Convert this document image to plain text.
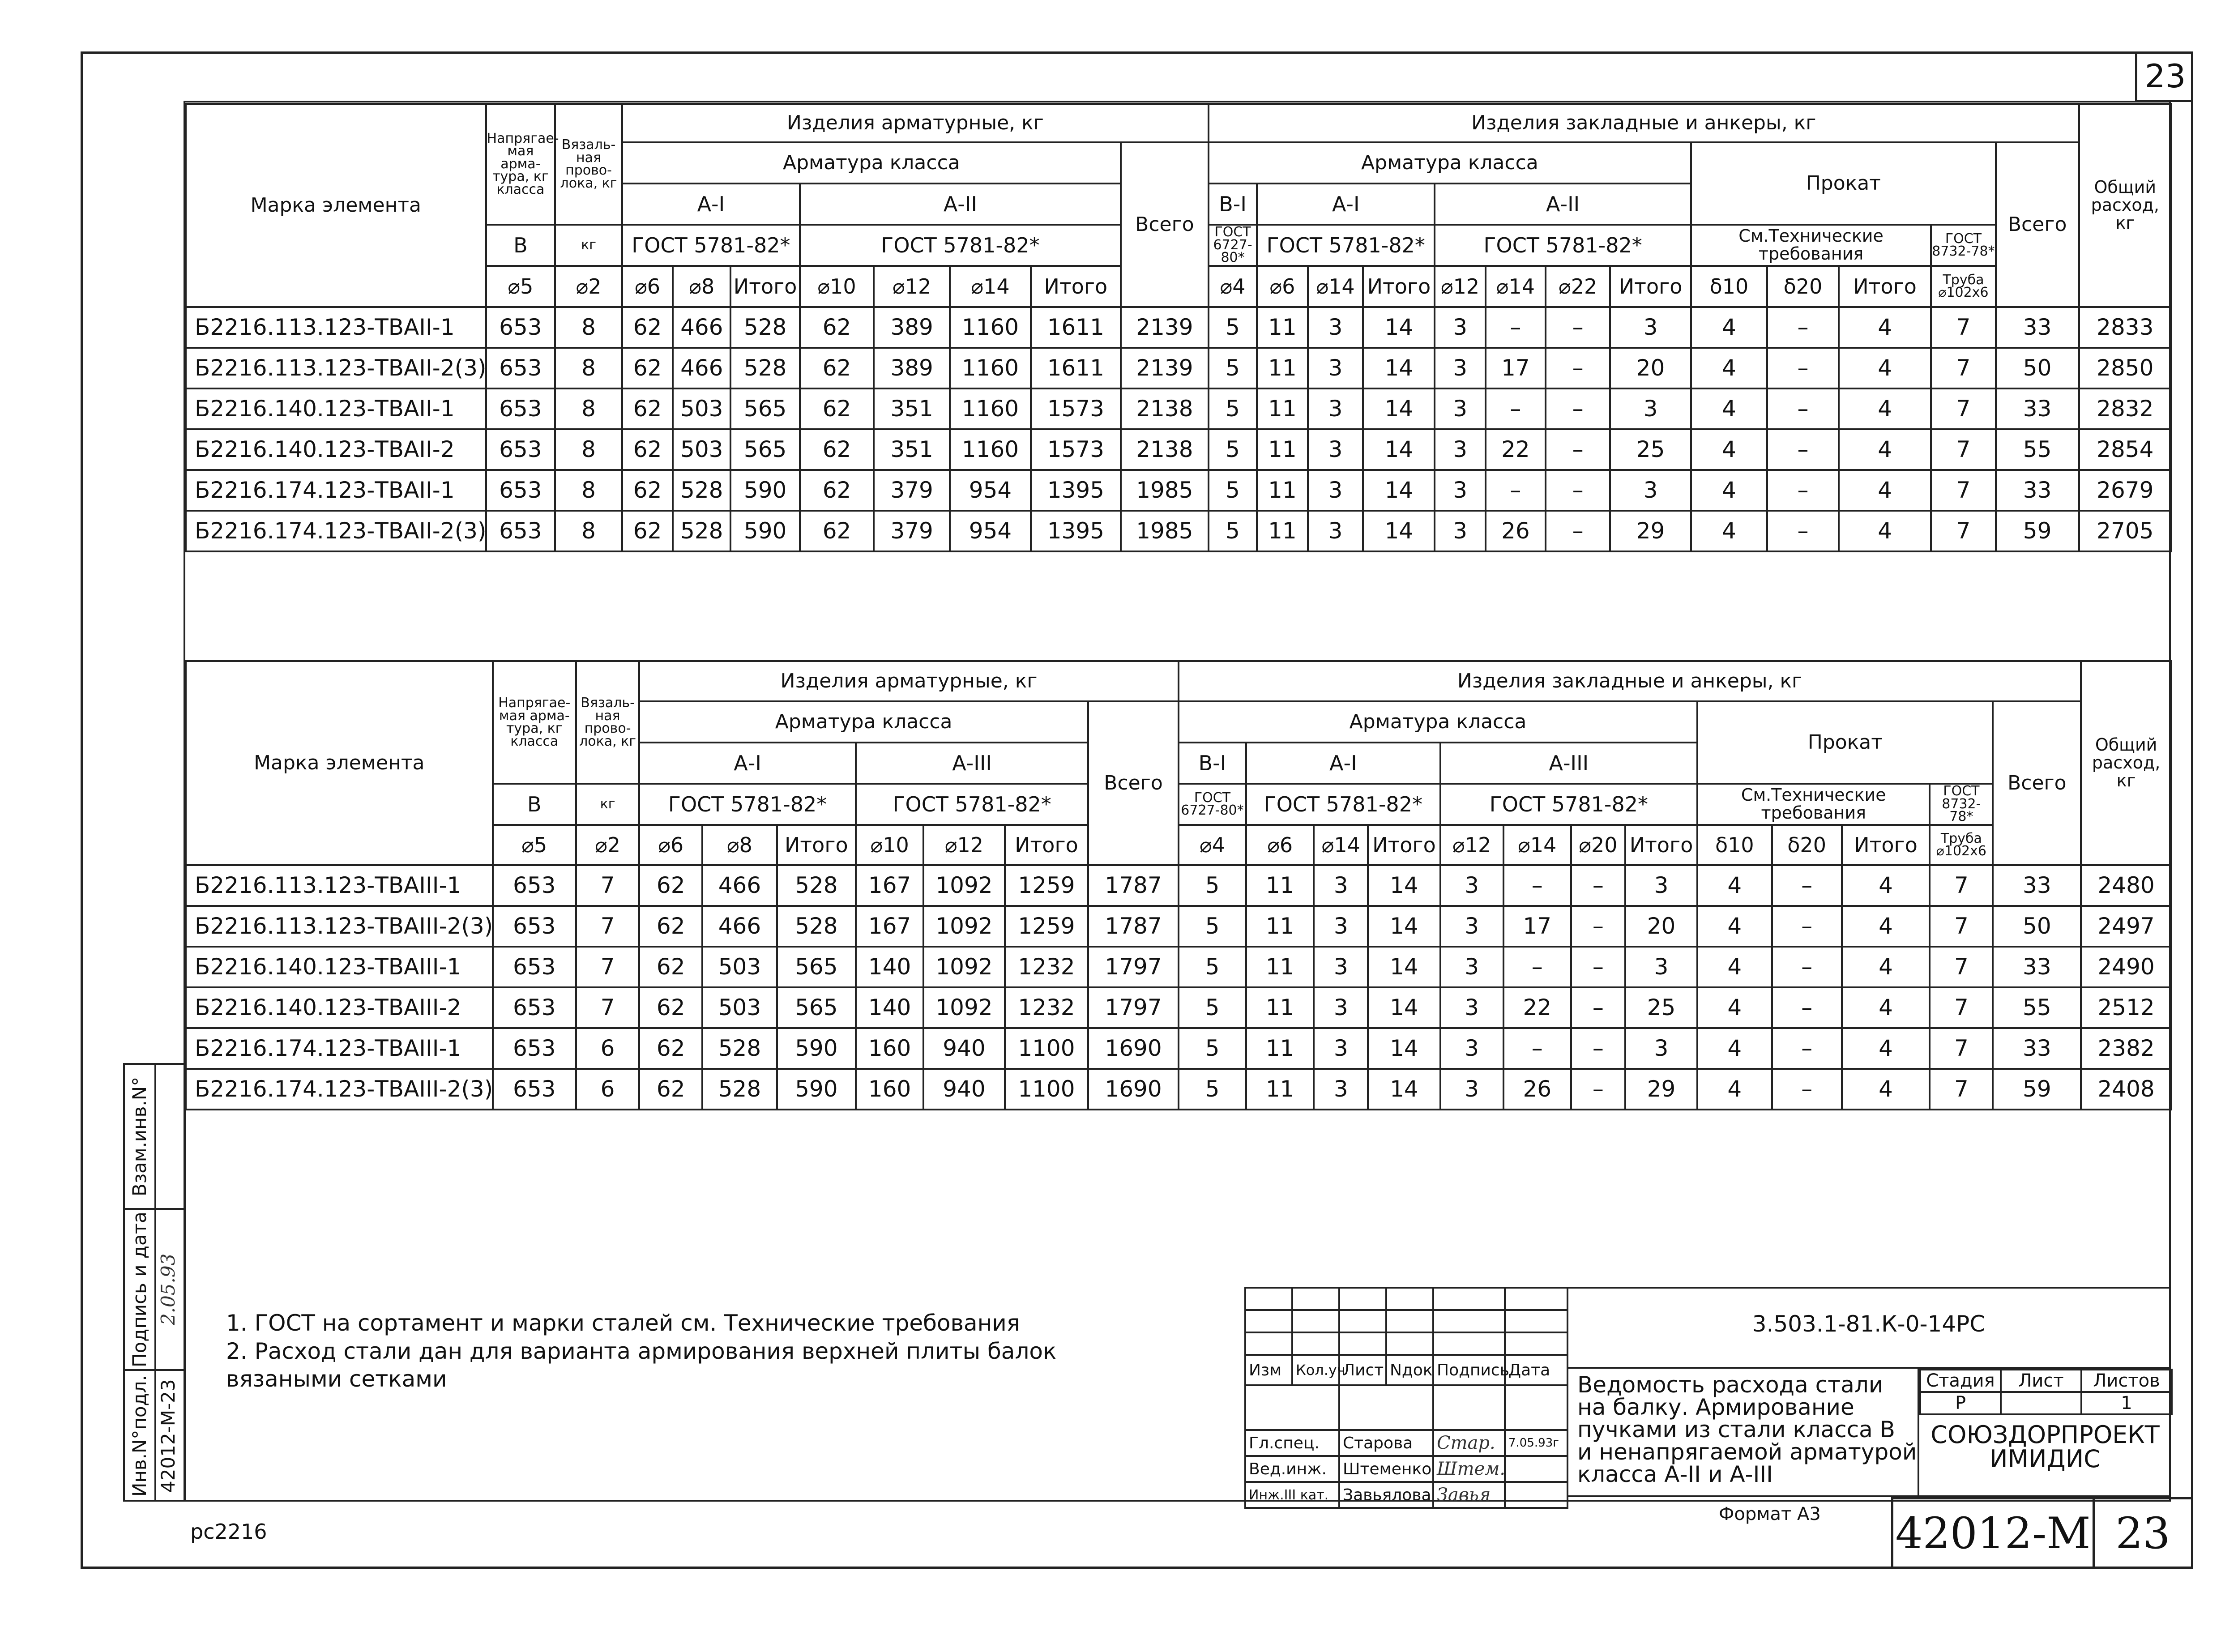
23
Марка элемента	Напрягае-мая арма-тура, кг класса	Вязаль-ная прово-лока, кг	Изделия арматурные, кг								Изделия закладные и анкеры, кг													Общий расход, кг
			Арматура класса							Всего	Арматура класса								Прокат				Всего	
			А-I			А-II					В-I	А-I			А-II									
	В	кг	ГОСТ 5781-82*			ГОСТ 5781-82*					ГОСТ 6727-80*	ГОСТ 5781-82*			ГОСТ 5781-82*				См.Технические требования			ГОСТ 8732-78*		
	⌀5	⌀2	⌀6	⌀8	Итого	⌀10	⌀12	⌀14	Итого		⌀4	⌀6	⌀14	Итого	⌀12	⌀14	⌀22	Итого	δ10	δ20	Итого	Труба ⌀102х6		
Б2216.113.123-ТВАII-1	653	8	62	466	528	62	389	1160	1611	2139	5	11	3	14	3	–	–	3	4	–	4	7	33	2833
Б2216.113.123-ТВАII-2(3)	653	8	62	466	528	62	389	1160	1611	2139	5	11	3	14	3	17	–	20	4	–	4	7	50	2850
Б2216.140.123-ТВАII-1	653	8	62	503	565	62	351	1160	1573	2138	5	11	3	14	3	–	–	3	4	–	4	7	33	2832
Б2216.140.123-ТВАII-2	653	8	62	503	565	62	351	1160	1573	2138	5	11	3	14	3	22	–	25	4	–	4	7	55	2854
Б2216.174.123-ТВАII-1	653	8	62	528	590	62	379	954	1395	1985	5	11	3	14	3	–	–	3	4	–	4	7	33	2679
Б2216.174.123-ТВАII-2(3)	653	8	62	528	590	62	379	954	1395	1985	5	11	3	14	3	26	–	29	4	–	4	7	59	2705
Марка элемента	Напрягае-мая арма-тура, кг класса	Вязаль-ная прово-лока, кг	Изделия арматурные, кг							Изделия закладные и анкеры, кг													Общий расход, кг
			Арматура класса						Всего	Арматура класса								Прокат				Всего	
			А-I			А-III				В-I	А-I			А-III									
	В	кг	ГОСТ 5781-82*			ГОСТ 5781-82*				ГОСТ 6727-80*	ГОСТ 5781-82*			ГОСТ 5781-82*				См.Технические требования			ГОСТ 8732-78*		
	⌀5	⌀2	⌀6	⌀8	Итого	⌀10	⌀12	Итого		⌀4	⌀6	⌀14	Итого	⌀12	⌀14	⌀20	Итого	δ10	δ20	Итого	Труба ⌀102х6		
Б2216.113.123-ТВАIII-1	653	7	62	466	528	167	1092	1259	1787	5	11	3	14	3	–	–	3	4	–	4	7	33	2480
Б2216.113.123-ТВАIII-2(3)	653	7	62	466	528	167	1092	1259	1787	5	11	3	14	3	17	–	20	4	–	4	7	50	2497
Б2216.140.123-ТВАIII-1	653	7	62	503	565	140	1092	1232	1797	5	11	3	14	3	–	–	3	4	–	4	7	33	2490
Б2216.140.123-ТВАIII-2	653	7	62	503	565	140	1092	1232	1797	5	11	3	14	3	22	–	25	4	–	4	7	55	2512
Б2216.174.123-ТВАIII-1	653	6	62	528	590	160	940	1100	1690	5	11	3	14	3	–	–	3	4	–	4	7	33	2382
Б2216.174.123-ТВАIII-2(3)	653	6	62	528	590	160	940	1100	1690	5	11	3	14	3	26	–	29	4	–	4	7	59	2408
Взам.инв.N°
Подпись и дата
Инв.N°подл.
2.05.93
42012-М-23
1. ГОСТ на сортамент и марки сталей см. Технические требования
2. Расход стали дан для варианта армирования верхней плиты балок
вязаными сетками

						Изм	Кол.уч	Лист	Nдок	Подпись	Дата

Гл.спец.		Старова		Стар.	7.05.93г
Вед.инж.		Штеменко		Штем.	
Инж.III кат.		Завьялова		Завья	
3.503.1-81.К-0-14РС
Ведомость расхода стали
на балку. Армирование
пучками из стали класса В
и ненапрягаемой арматурой
класса А-II и А-III
Стадия	Лист	Листов
Р		1
СОЮЗДОРПРОЕКТ
ИМИДИС
Формат А3 42012-М 23
рс2216
